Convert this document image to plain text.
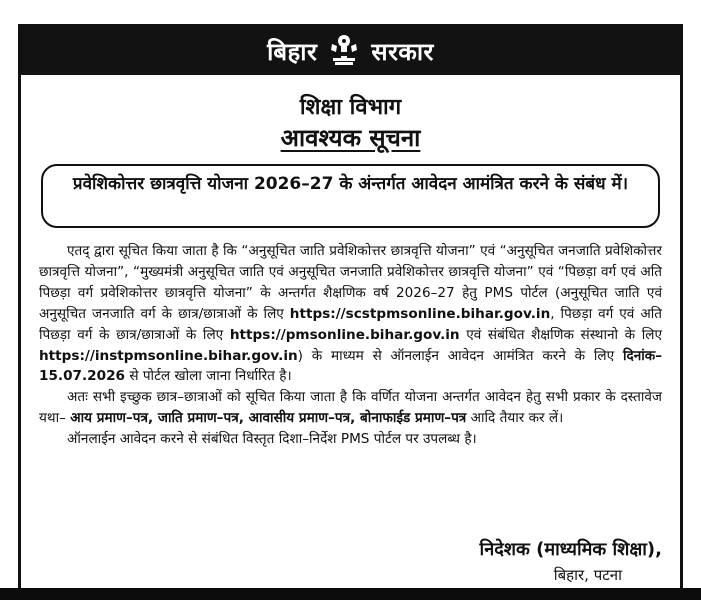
बिहार सरकार
शिक्षा विभाग
आवश्यक सूचना
प्रवेशिकोत्तर छात्रवृत्ति योजना 2026–27 के अंन्तर्गत आवेदन आमंत्रित करने के संबंध में।

एतद् द्वारा सूचित किया जाता है कि “अनुसूचित जाति प्रवेशिकोत्तर छात्रवृत्ति योजना” एवं “अनुसूचित जनजाति प्रवेशिकोत्तर छात्रवृत्ति योजना”, “मुख्यमंत्री अनुसूचित जाति एवं अनुसूचित जनजाति प्रवेशिकोत्तर छात्रवृत्ति योजना” एवं “पिछड़ा वर्ग एवं अति पिछड़ा वर्ग प्रवेशिकोत्तर छात्रवृत्ति योजना” के अन्तर्गत शैक्षणिक वर्ष 2026–27 हेतु PMS पोर्टल (अनुसूचित जाति एवं अनुसूचित जनजाति वर्ग के छात्र/छात्राओं के लिए https://scstpmsonline.bihar.gov.in, पिछड़ा वर्ग एवं अति पिछड़ा वर्ग के छात्र/छात्राओं के लिए https://pmsonline.bihar.gov.in एवं संबंधित शैक्षणिक संस्थानो के लिए https://instpmsonline.bihar.gov.in) के माध्यम से ऑनलाईन आवेदन आमंत्रित करने के लिए दिनांक–15.07.2026 से पोर्टल खोला जाना निर्धारित है।

अतः सभी इच्छुक छात्र–छात्राओं को सूचित किया जाता है कि वर्णित योजना अन्तर्गत आवेदन हेतु सभी प्रकार के दस्तावेज यथा– आय प्रमाण–पत्र, जाति प्रमाण–पत्र, आवासीय प्रमाण–पत्र, बोनाफाईड प्रमाण–पत्र आदि तैयार कर लें।

ऑनलाईन आवेदन करने से संबंधित विस्तृत दिशा–निर्देश PMS पोर्टल पर उपलब्ध है।

निदेशक (माध्यमिक शिक्षा),
बिहार, पटना
